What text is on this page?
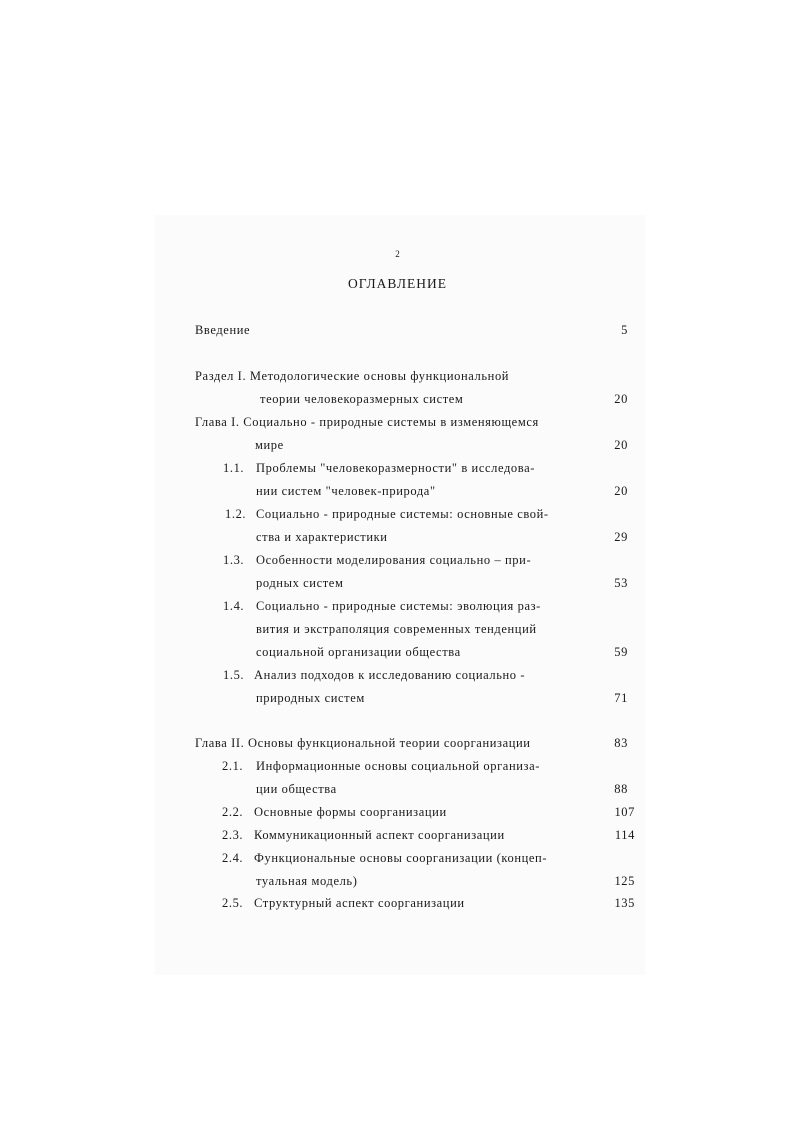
2
ОГЛАВЛЕНИЕ
Введение	5
Раздел I. Методологические основы функциональной
теории человекоразмерных систем	20
Глава I. Социально - природные системы в изменяющемся
мире	20
1.1. Проблемы "человекоразмерности" в исследова-
нии систем "человек-природа"	20
1.2. Социально - природные системы: основные свой-
ства и характеристики	29
1.3. Особенности моделирования социально – при-
родных систем	53
1.4. Социально - природные системы: эволюция раз-
вития и экстраполяция современных тенденций
социальной организации общества	59
1.5. Анализ подходов к исследованию социально -
природных систем	71
Глава II. Основы функциональной теории соорганизации	83
2.1. Информационные основы социальной организа-
ции общества	88
2.2. Основные формы соорганизации	107
2.3. Коммуникационный аспект соорганизации	114
2.4. Функциональные основы соорганизации (концеп-
туальная модель)	125
2.5. Структурный аспект соорганизации	135
